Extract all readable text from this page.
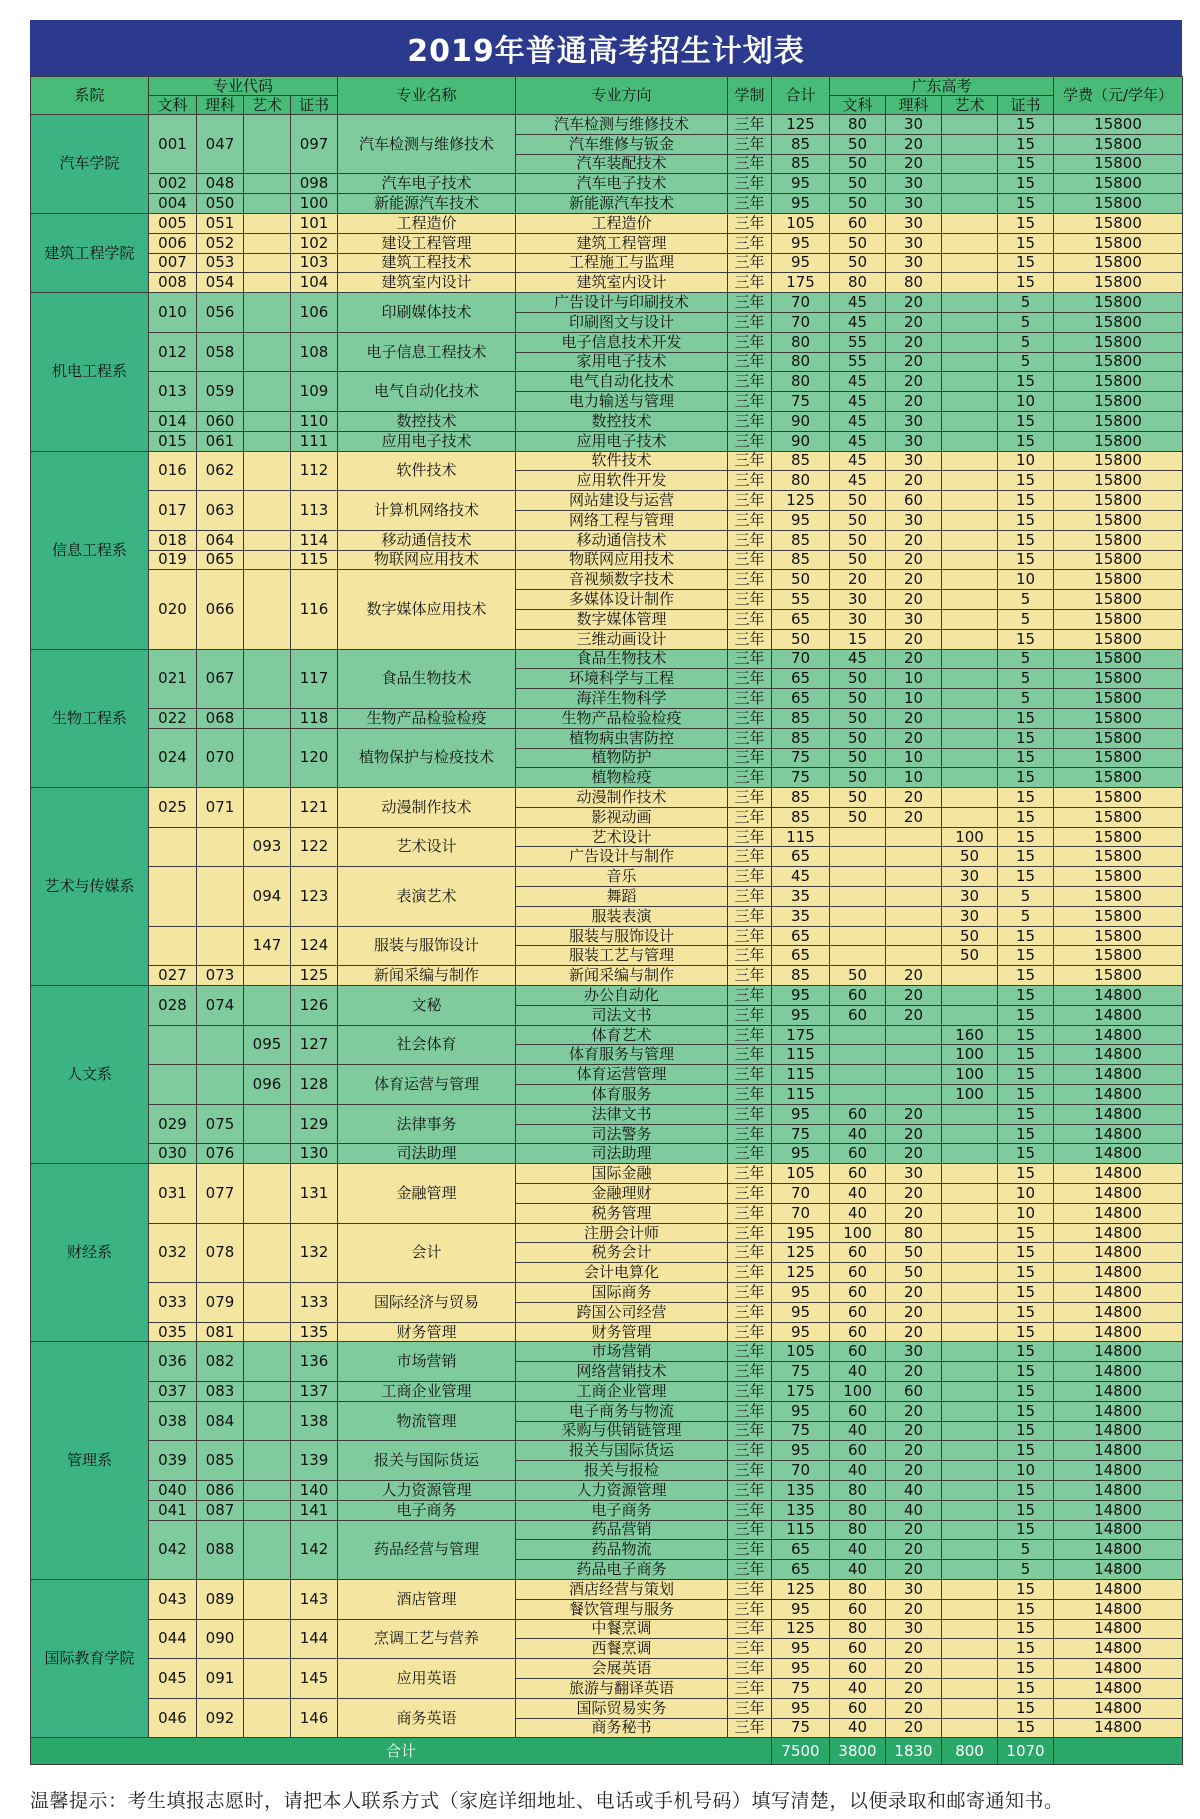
2019年普通高考招生计划表
系院	专业代码				专业名称	专业方向	学制	合计	广东高考				学费（元/学年）
	文科	理科	艺术	证书					文科	理科	艺术	证书	
汽车学院	001	047		097	汽车检测与维修技术	汽车检测与维修技术	三年	125	80	30		15	15800
						汽车维修与钣金	三年	85	50	20		15	15800
						汽车装配技术	三年	85	50	20		15	15800
	002	048		098	汽车电子技术	汽车电子技术	三年	95	50	30		15	15800
	004	050		100	新能源汽车技术	新能源汽车技术	三年	95	50	30		15	15800
建筑工程学院	005	051		101	工程造价	工程造价	三年	105	60	30		15	15800
	006	052		102	建设工程管理	建筑工程管理	三年	95	50	30		15	15800
	007	053		103	建筑工程技术	工程施工与监理	三年	95	50	30		15	15800
	008	054		104	建筑室内设计	建筑室内设计	三年	175	80	80		15	15800
机电工程系	010	056		106	印刷媒体技术	广告设计与印刷技术	三年	70	45	20		5	15800
						印刷图文与设计	三年	70	45	20		5	15800
	012	058		108	电子信息工程技术	电子信息技术开发	三年	80	55	20		5	15800
						家用电子技术	三年	80	55	20		5	15800
	013	059		109	电气自动化技术	电气自动化技术	三年	80	45	20		15	15800
						电力输送与管理	三年	75	45	20		10	15800
	014	060		110	数控技术	数控技术	三年	90	45	30		15	15800
	015	061		111	应用电子技术	应用电子技术	三年	90	45	30		15	15800
信息工程系	016	062		112	软件技术	软件技术	三年	85	45	30		10	15800
						应用软件开发	三年	80	45	20		15	15800
	017	063		113	计算机网络技术	网站建设与运营	三年	125	50	60		15	15800
						网络工程与管理	三年	95	50	30		15	15800
	018	064		114	移动通信技术	移动通信技术	三年	85	50	20		15	15800
	019	065		115	物联网应用技术	物联网应用技术	三年	85	50	20		15	15800
	020	066		116	数字媒体应用技术	音视频数字技术	三年	50	20	20		10	15800
						多媒体设计制作	三年	55	30	20		5	15800
						数字媒体管理	三年	65	30	30		5	15800
						三维动画设计	三年	50	15	20		15	15800
生物工程系	021	067		117	食品生物技术	食品生物技术	三年	70	45	20		5	15800
						环境科学与工程	三年	65	50	10		5	15800
						海洋生物科学	三年	65	50	10		5	15800
	022	068		118	生物产品检验检疫	生物产品检验检疫	三年	85	50	20		15	15800
	024	070		120	植物保护与检疫技术	植物病虫害防控	三年	85	50	20		15	15800
						植物防护	三年	75	50	10		15	15800
						植物检疫	三年	75	50	10		15	15800
艺术与传媒系	025	071		121	动漫制作技术	动漫制作技术	三年	85	50	20		15	15800
						影视动画	三年	85	50	20		15	15800
			093	122	艺术设计	艺术设计	三年	115			100	15	15800
						广告设计与制作	三年	65			50	15	15800
			094	123	表演艺术	音乐	三年	45			30	15	15800
						舞蹈	三年	35			30	5	15800
						服装表演	三年	35			30	5	15800
			147	124	服装与服饰设计	服装与服饰设计	三年	65			50	15	15800
						服装工艺与管理	三年	65			50	15	15800
	027	073		125	新闻采编与制作	新闻采编与制作	三年	85	50	20		15	15800
人文系	028	074		126	文秘	办公自动化	三年	95	60	20		15	14800
						司法文书	三年	95	60	20		15	14800
			095	127	社会体育	体育艺术	三年	175			160	15	14800
						体育服务与管理	三年	115			100	15	14800
			096	128	体育运营与管理	体育运营管理	三年	115			100	15	14800
						体育服务	三年	115			100	15	14800
	029	075		129	法律事务	法律文书	三年	95	60	20		15	14800
						司法警务	三年	75	40	20		15	14800
	030	076		130	司法助理	司法助理	三年	95	60	20		15	14800
财经系	031	077		131	金融管理	国际金融	三年	105	60	30		15	14800
						金融理财	三年	70	40	20		10	14800
						税务管理	三年	70	40	20		10	14800
	032	078		132	会计	注册会计师	三年	195	100	80		15	14800
						税务会计	三年	125	60	50		15	14800
						会计电算化	三年	125	60	50		15	14800
	033	079		133	国际经济与贸易	国际商务	三年	95	60	20		15	14800
						跨国公司经营	三年	95	60	20		15	14800
	035	081		135	财务管理	财务管理	三年	95	60	20		15	14800
管理系	036	082		136	市场营销	市场营销	三年	105	60	30		15	14800
						网络营销技术	三年	75	40	20		15	14800
	037	083		137	工商企业管理	工商企业管理	三年	175	100	60		15	14800
	038	084		138	物流管理	电子商务与物流	三年	95	60	20		15	14800
						采购与供销链管理	三年	75	40	20		15	14800
	039	085		139	报关与国际货运	报关与国际货运	三年	95	60	20		15	14800
						报关与报检	三年	70	40	20		10	14800
	040	086		140	人力资源管理	人力资源管理	三年	135	80	40		15	14800
	041	087		141	电子商务	电子商务	三年	135	80	40		15	14800
	042	088		142	药品经营与管理	药品营销	三年	115	80	20		15	14800
						药品物流	三年	65	40	20		5	14800
						药品电子商务	三年	65	40	20		5	14800
国际教育学院	043	089		143	酒店管理	酒店经营与策划	三年	125	80	30		15	14800
						餐饮管理与服务	三年	95	60	20		15	14800
	044	090		144	烹调工艺与营养	中餐烹调	三年	125	80	30		15	14800
						西餐烹调	三年	95	60	20		15	14800
	045	091		145	应用英语	会展英语	三年	95	60	20		15	14800
						旅游与翻译英语	三年	75	40	20		15	14800
	046	092		146	商务英语	国际贸易实务	三年	95	60	20		15	14800
						商务秘书	三年	75	40	20		15	14800
合计								7500	3800	1830	800	1070	
温馨提示：考生填报志愿时，请把本人联系方式（家庭详细地址、电话或手机号码）填写清楚，以便录取和邮寄通知书。
